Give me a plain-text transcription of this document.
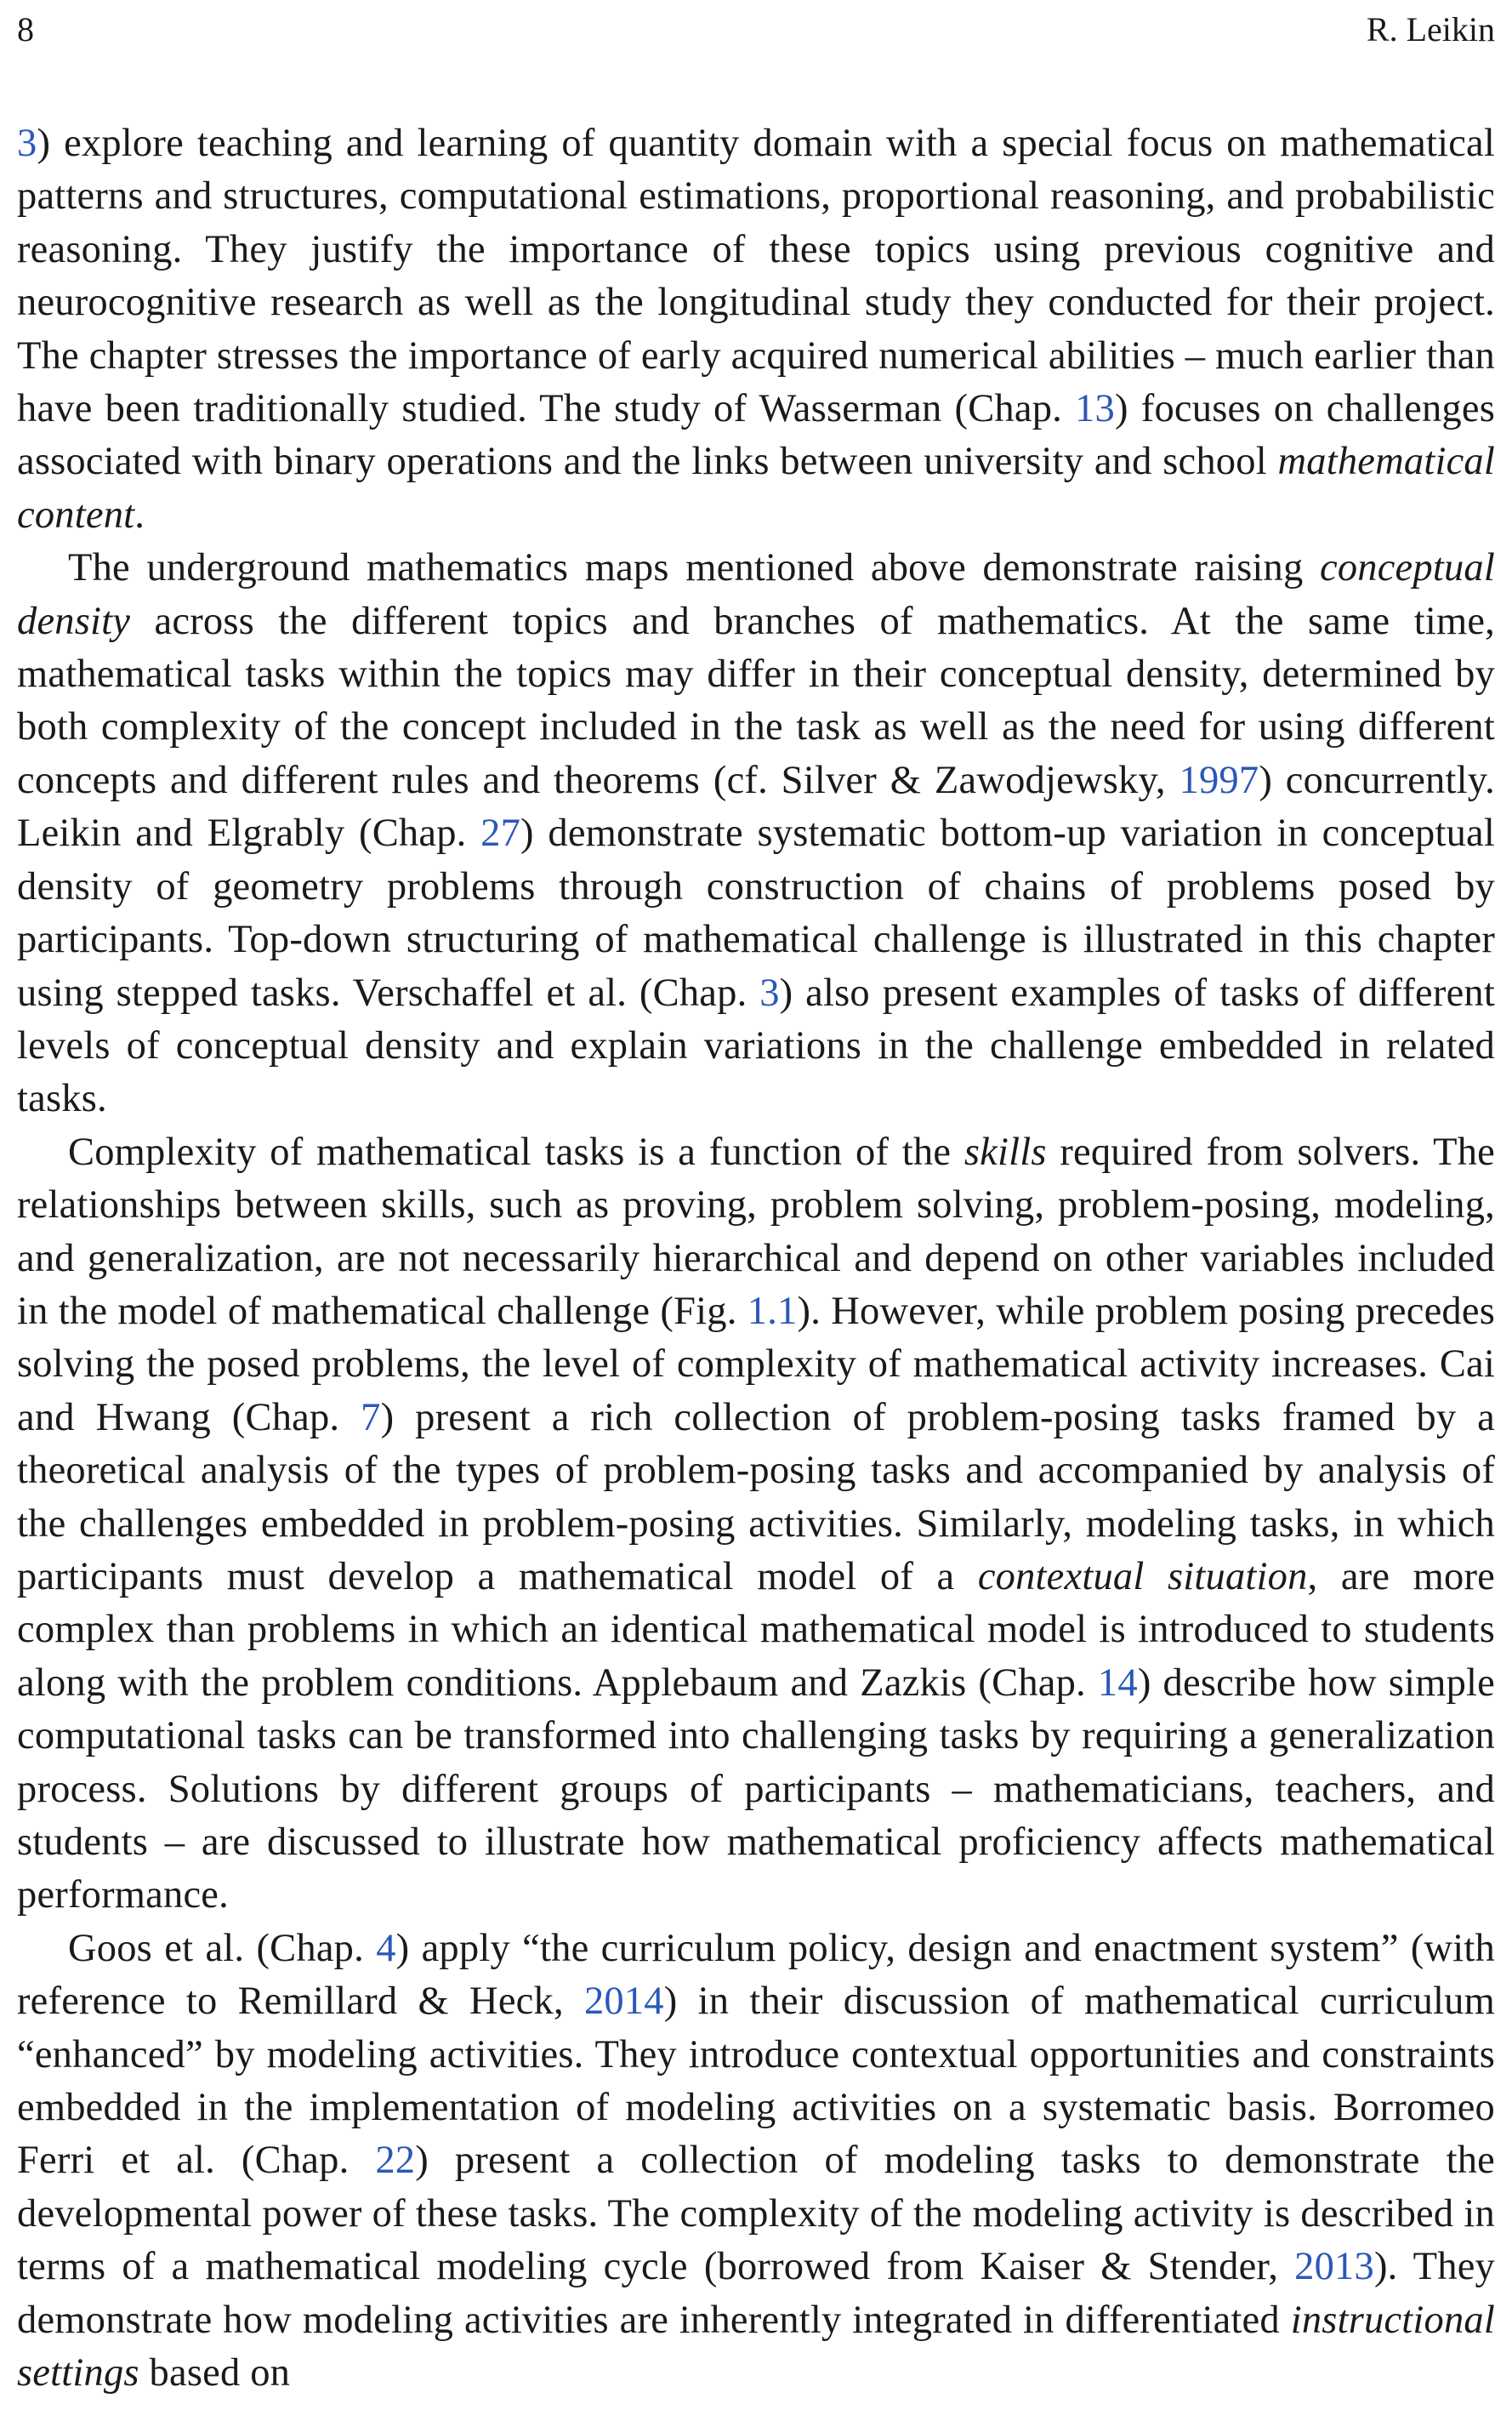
8	R. Leikin

3) explore teaching and learning of quantity domain with a special focus on mathematical patterns and structures, computational estimations, proportional reasoning, and probabilistic reasoning. They justify the importance of these topics using previous cognitive and neurocognitive research as well as the longitudinal study they conducted for their project. The chapter stresses the importance of early acquired numerical abilities – much earlier than have been traditionally studied. The study of Wasserman (Chap. 13) focuses on challenges associated with binary operations and the links between university and school mathematical content.

The underground mathematics maps mentioned above demonstrate raising conceptual density across the different topics and branches of mathematics. At the same time, mathematical tasks within the topics may differ in their conceptual density, determined by both complexity of the concept included in the task as well as the need for using different concepts and different rules and theorems (cf. Silver & Zawodjewsky, 1997) concurrently. Leikin and Elgrably (Chap. 27) demonstrate systematic bottom-up variation in conceptual density of geometry problems through construction of chains of problems posed by participants. Top-down structuring of mathematical challenge is illustrated in this chapter using stepped tasks. Verschaffel et al. (Chap. 3) also present examples of tasks of different levels of conceptual density and explain variations in the challenge embedded in related tasks.

Complexity of mathematical tasks is a function of the skills required from solvers. The relationships between skills, such as proving, problem solving, problem-posing, modeling, and generalization, are not necessarily hierarchical and depend on other variables included in the model of mathematical challenge (Fig. 1.1). However, while problem posing precedes solving the posed problems, the level of complexity of mathematical activity increases. Cai and Hwang (Chap. 7) present a rich collection of problem-posing tasks framed by a theoretical analysis of the types of problem-posing tasks and accompanied by analysis of the challenges embedded in problem-posing activities. Similarly, modeling tasks, in which participants must develop a mathematical model of a contextual situation, are more complex than problems in which an identical mathematical model is introduced to students along with the problem conditions. Applebaum and Zazkis (Chap. 14) describe how simple computational tasks can be transformed into challenging tasks by requiring a generalization process. Solutions by different groups of participants – mathematicians, teachers, and students – are discussed to illustrate how mathematical proficiency affects mathematical performance.

Goos et al. (Chap. 4) apply “the curriculum policy, design and enactment system” (with reference to Remillard & Heck, 2014) in their discussion of mathematical curriculum “enhanced” by modeling activities. They introduce contextual opportunities and constraints embedded in the implementation of modeling activities on a systematic basis. Borromeo Ferri et al. (Chap. 22) present a collection of modeling tasks to demonstrate the developmental power of these tasks. The complexity of the modeling activity is described in terms of a mathematical modeling cycle (borrowed from Kaiser & Stender, 2013). They demonstrate how modeling activities are inherently integrated in differentiated instructional settings based on
